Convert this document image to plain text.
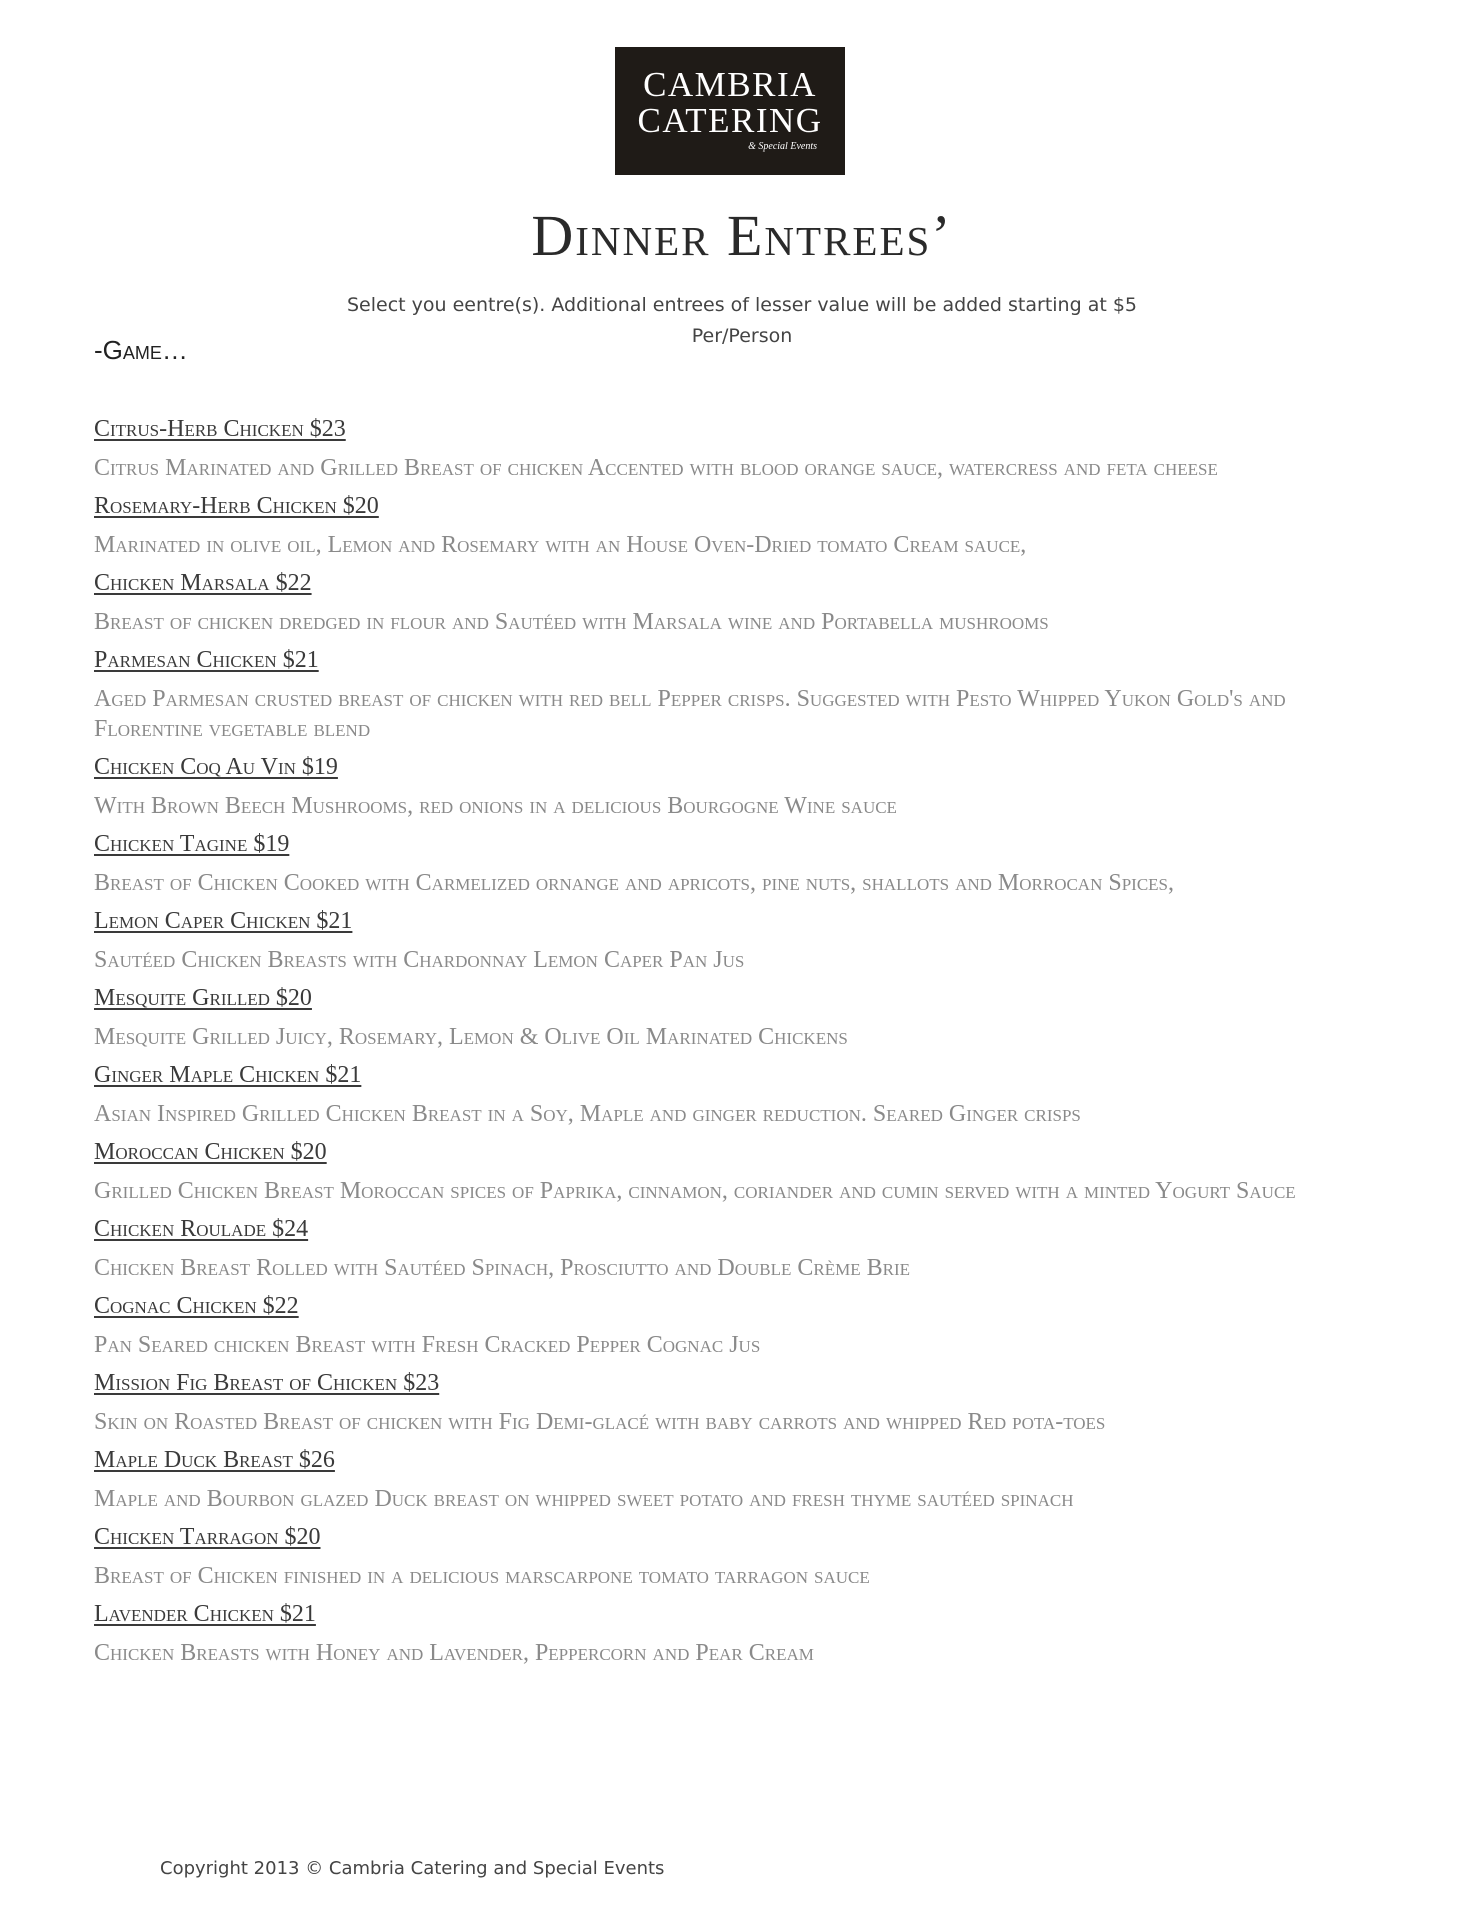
CAMBRIA
CATERING
& Special Events
Dinner Entrees’
Select you eentre(s). Additional entrees of lesser value will be added starting at $5
Per/Person
-Game…
Citrus-Herb Chicken $23
Citrus Marinated and Grilled Breast of chicken Accented with blood orange sauce, watercress and feta cheese
Rosemary-Herb Chicken $20
Marinated in olive oil, Lemon and Rosemary with an House Oven-Dried tomato Cream sauce,
Chicken Marsala $22
Breast of chicken dredged in flour and Sautéed with Marsala wine and Portabella mushrooms
Parmesan Chicken $21
Aged Parmesan crusted breast of chicken with red bell Pepper crisps. Suggested with Pesto Whipped Yukon Gold's and Florentine vegetable blend
Chicken Coq Au Vin $19
With Brown Beech Mushrooms, red onions in a delicious Bourgogne Wine sauce
Chicken Tagine $19
Breast of Chicken Cooked with Carmelized ornange and apricots, pine nuts, shallots and Morrocan Spices,
Lemon Caper Chicken $21
Sautéed Chicken Breasts with Chardonnay Lemon Caper Pan Jus
Mesquite Grilled $20
Mesquite Grilled Juicy, Rosemary, Lemon & Olive Oil Marinated Chickens
Ginger Maple Chicken $21
Asian Inspired Grilled Chicken Breast in a Soy, Maple and ginger reduction. Seared Ginger crisps
Moroccan Chicken $20
Grilled Chicken Breast Moroccan spices of Paprika, cinnamon, coriander and cumin served with a minted Yogurt Sauce
Chicken Roulade $24
Chicken Breast Rolled with Sautéed Spinach, Prosciutto and Double Crème Brie
Cognac Chicken $22
Pan Seared chicken Breast with Fresh Cracked Pepper Cognac Jus
Mission Fig Breast of Chicken $23
Skin on Roasted Breast of chicken with Fig Demi-glacé with baby carrots and whipped Red pota-toes
Maple Duck Breast $26
Maple and Bourbon glazed Duck breast on whipped sweet potato and fresh thyme sautéed spinach
Chicken Tarragon $20
Breast of Chicken finished in a delicious marscarpone tomato tarragon sauce
Lavender Chicken $21
Chicken Breasts with Honey and Lavender, Peppercorn and Pear Cream
Copyright 2013 © Cambria Catering and Special Events
